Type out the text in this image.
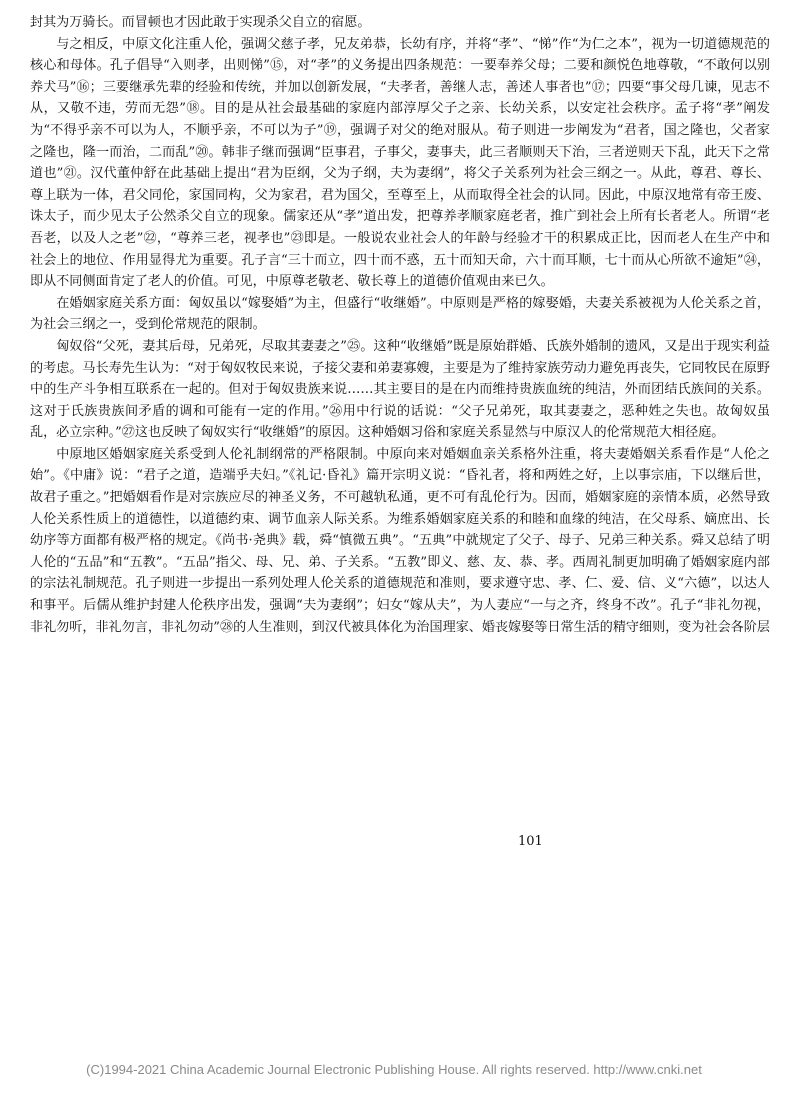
封其为万骑长。而冒顿也才因此敢于实现杀父自立的宿愿。

与之相反，中原文化注重人伦，强调父慈子孝，兄友弟恭，长幼有序，并将“孝”、“悌”作“为仁之本”，视为一切道德规范的核心和母体。孔子倡导“入则孝，出则悌”⑮，对“孝”的义务提出四条规范：一要奉养父母；二要和颜悦色地尊敬，“不敢何以别养犬马”⑯；三要继承先辈的经验和传统，并加以创新发展，“夫孝者，善继人志，善述人事者也”⑰；四要“事父母几谏，见志不从，又敬不违，劳而无怨”⑱。目的是从社会最基础的家庭内部淳厚父子之亲、长幼关系，以安定社会秩序。孟子将“孝”阐发为“不得乎亲不可以为人，不顺乎亲，不可以为子”⑲，强调子对父的绝对服从。荀子则进一步阐发为“君者，国之隆也，父者家之隆也，隆一而治，二而乱”⑳。韩非子继而强调“臣事君，子事父，妻事夫，此三者顺则天下治，三者逆则天下乱，此天下之常道也”㉑。汉代董仲舒在此基础上提出“君为臣纲，父为子纲，夫为妻纲”，将父子关系列为社会三纲之一。从此，尊君、尊长、尊上联为一体，君父同伦，家国同构，父为家君，君为国父，至尊至上，从而取得全社会的认同。因此，中原汉地常有帝王废、诛太子，而少见太子公然杀父自立的现象。儒家还从“孝”道出发，把尊养孝顺家庭老者，推广到社会上所有长者老人。所谓“老吾老，以及人之老”㉒，“尊养三老，视孝也”㉓即是。一般说农业社会人的年龄与经验才干的积累成正比，因而老人在生产中和社会上的地位、作用显得尤为重要。孔子言“三十而立，四十而不惑，五十而知天命，六十而耳顺，七十而从心所欲不逾矩”㉔，即从不同侧面肯定了老人的价值。可见，中原尊老敬老、敬长尊上的道德价值观由来已久。

在婚姻家庭关系方面：匈奴虽以“嫁娶婚”为主，但盛行“收继婚”。中原则是严格的嫁娶婚，夫妻关系被视为人伦关系之首，为社会三纲之一，受到伦常规范的限制。

匈奴俗“父死，妻其后母，兄弟死，尽取其妻妻之”㉕。这种“收继婚”既是原始群婚、氏族外婚制的遗风，又是出于现实利益的考虑。马长寿先生认为：“对于匈奴牧民来说，子接父妻和弟妻寡嫂，主要是为了维持家族劳动力避免再丧失，它同牧民在原野中的生产斗争相互联系在一起的。但对于匈奴贵族来说……其主要目的是在内而维持贵族血统的纯洁，外而团结氏族间的关系。这对于氏族贵族间矛盾的调和可能有一定的作用。”㉖用中行说的话说：“父子兄弟死，取其妻妻之，恶种姓之失也。故匈奴虽乱，必立宗种。”㉗这也反映了匈奴实行“收继婚”的原因。这种婚姻习俗和家庭关系显然与中原汉人的伦常规范大相径庭。

中原地区婚姻家庭关系受到人伦礼制纲常的严格限制。中原向来对婚姻血亲关系格外注重，将夫妻婚姻关系看作是“人伦之始”。《中庸》说：“君子之道，造端乎夫妇。”《礼记·昏礼》篇开宗明义说：“昏礼者，将和两姓之好，上以事宗庙，下以继后世，故君子重之。”把婚姻看作是对宗族应尽的神圣义务，不可越轨私通，更不可有乱伦行为。因而，婚姻家庭的亲情本质，必然导致人伦关系性质上的道德性，以道德约束、调节血亲人际关系。为维系婚姻家庭关系的和睦和血缘的纯洁，在父母系、嫡庶出、长幼序等方面都有极严格的规定。《尚书·尧典》载，舜“慎微五典”。“五典”中就规定了父子、母子、兄弟三种关系。舜又总结了明人伦的“五品”和“五教”。“五品”指父、母、兄、弟、子关系。“五教”即义、慈、友、恭、孝。西周礼制更加明确了婚姻家庭内部的宗法礼制规范。孔子则进一步提出一系列处理人伦关系的道德规范和准则，要求遵守忠、孝、仁、爱、信、义“六德”，以达人和事平。后儒从维护封建人伦秩序出发，强调“夫为妻纲”；妇女“嫁从夫”，为人妻应“一与之齐，终身不改”。孔子“非礼勿视，非礼勿听，非礼勿言，非礼勿动”㉘的人生准则，到汉代被具体化为治国理家、婚丧嫁娶等日常生活的精守细则，变为社会各阶层

101
(C)1994-2021 China Academic Journal Electronic Publishing House. All rights reserved. http://www.cnki.net
